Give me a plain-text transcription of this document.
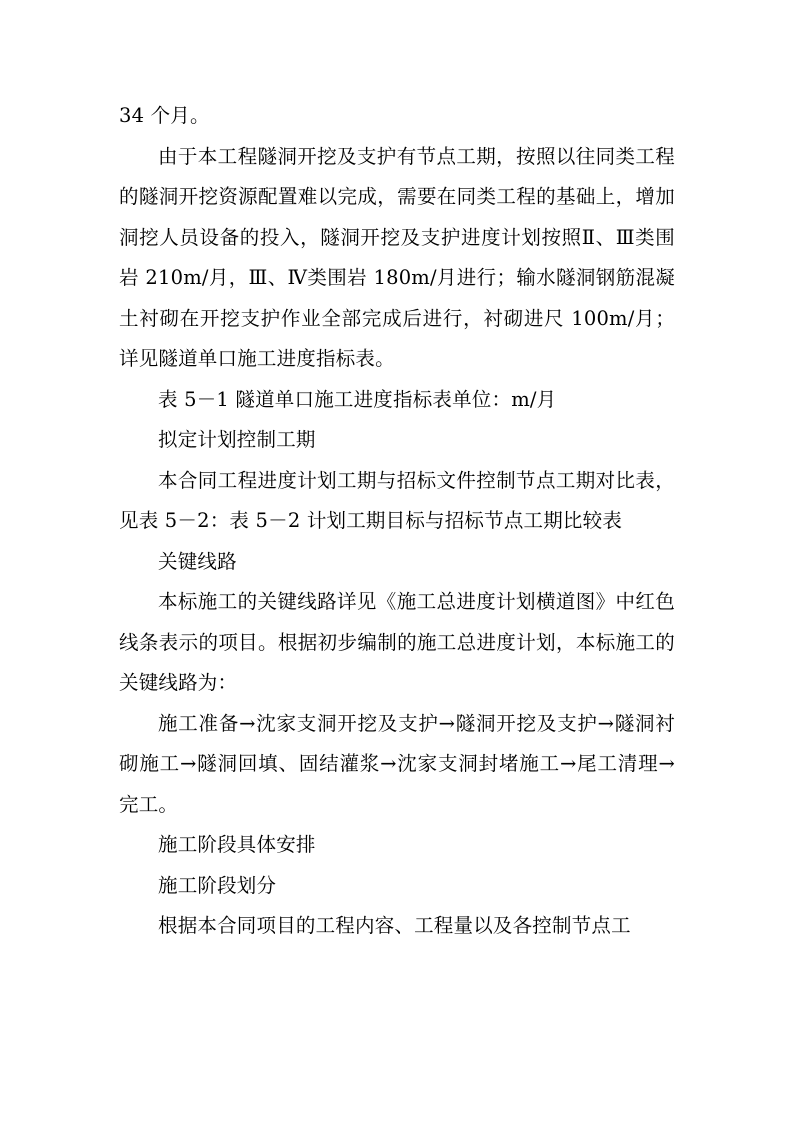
34 个月。

由于本工程隧洞开挖及支护有节点工期，按照以往同类工程的隧洞开挖资源配置难以完成，需要在同类工程的基础上，增加洞挖人员设备的投入，隧洞开挖及支护进度计划按照Ⅱ、Ⅲ类围岩 210m/月，Ⅲ、Ⅳ类围岩 180m/月进行；输水隧洞钢筋混凝土衬砌在开挖支护作业全部完成后进行，衬砌进尺 100m/月；详见隧道单口施工进度指标表。

表 5－1 隧道单口施工进度指标表单位：m/月

拟定计划控制工期

本合同工程进度计划工期与招标文件控制节点工期对比表，见表 5－2：表 5－2 计划工期目标与招标节点工期比较表

关键线路

本标施工的关键线路详见《施工总进度计划横道图》中红色线条表示的项目。根据初步编制的施工总进度计划，本标施工的关键线路为：

施工准备→沈家支洞开挖及支护→隧洞开挖及支护→隧洞衬砌施工→隧洞回填、固结灌浆→沈家支洞封堵施工→尾工清理→完工。

施工阶段具体安排

施工阶段划分

根据本合同项目的工程内容、工程量以及各控制节点工
